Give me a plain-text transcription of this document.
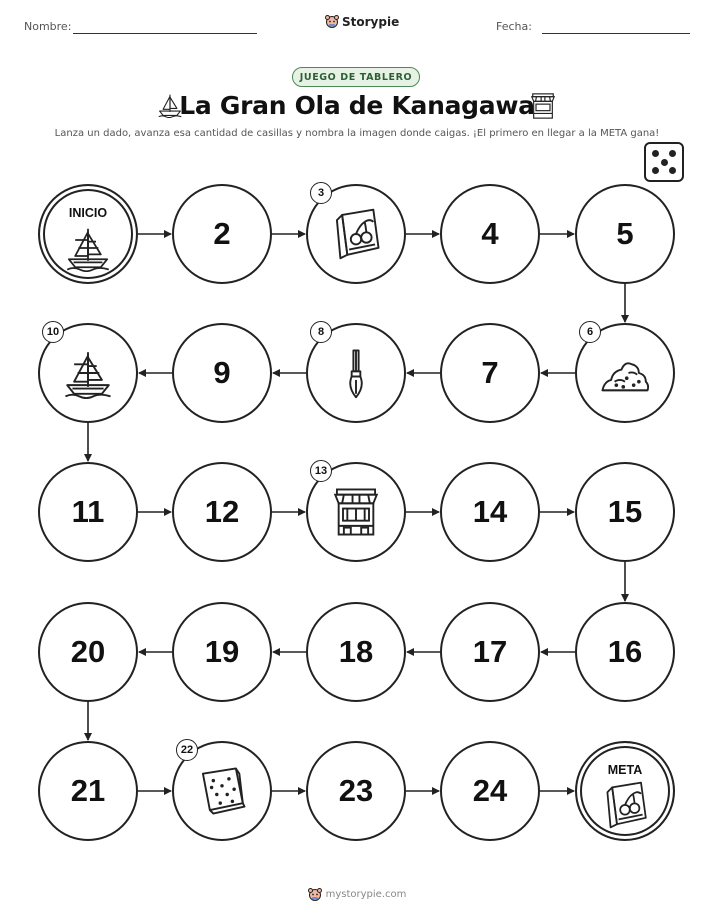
Nombre:	Storypie	Fecha:
JUEGO DE TABLERO
La Gran Ola de Kanagawa
Lanza un dado, avanza esa cantidad de casillas y nombra la imagen donde caigas. ¡El primero en llegar a la META gana!
INICIO
2
3
4	5
6
7
8
9
10
11	12
13
14	15
16
17
18
19
20
21
22
23	24
META
mystorypie.com
